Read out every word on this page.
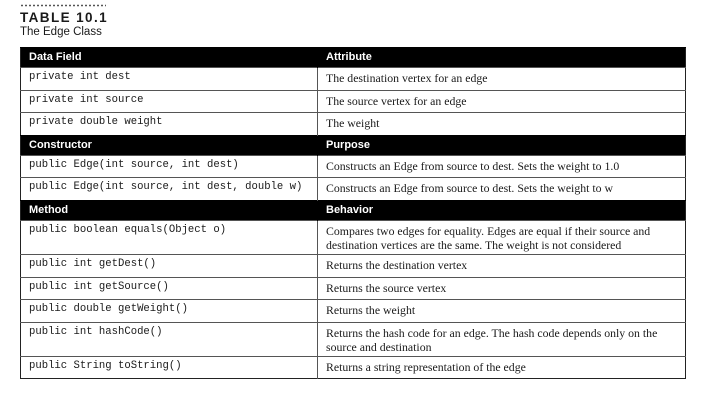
TABLE 10.1
The Edge Class
Data Field	Attribute
private int dest	The destination vertex for an edge
private int source	The source vertex for an edge
private double weight	The weight
Constructor	Purpose
public Edge(int source, int dest)	Constructs an Edge from source to dest. Sets the weight to 1.0
public Edge(int source, int dest, double w)	Constructs an Edge from source to dest. Sets the weight to w
Method	Behavior
public boolean equals(Object o)	Compares two edges for equality. Edges are equal if their source and destination vertices are the same. The weight is not considered
public int getDest()	Returns the destination vertex
public int getSource()	Returns the source vertex
public double getWeight()	Returns the weight
public int hashCode()	Returns the hash code for an edge. The hash code depends only on the source and destination
public String toString()	Returns a string representation of the edge
